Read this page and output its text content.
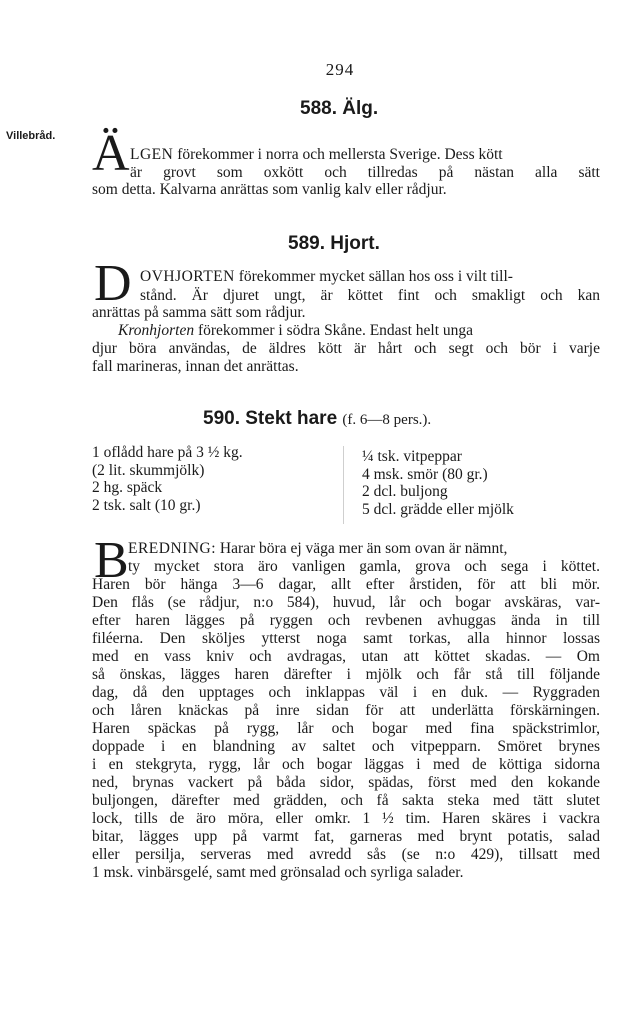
294
588. Älg.
Villebråd. Ä LGEN förekommer i norra och mellersta Sverige. Dess kött
är grovt som oxkött och tillredas på nästan alla sätt
som detta. Kalvarna anrättas som vanlig kalv eller rådjur.
589. Hjort.
D OVHJORTEN förekommer mycket sällan hos oss i vilt till-
stånd. Är djuret ungt, är köttet fint och smakligt och kan
anrättas på samma sätt som rådjur.
Kronhjorten förekommer i södra Skåne. Endast helt unga
djur böra användas, de äldres kött är hårt och segt och bör i varje
fall marineras, innan det anrättas.
590. Stekt hare (f. 6—8 pers.).
1 oflådd hare på 3 ½ kg.
(2 lit. skummjölk)
2 hg. späck
2 tsk. salt (10 gr.)
¼ tsk. vitpeppar
4 msk. smör (80 gr.)
2 dcl. buljong
5 dcl. grädde eller mjölk
B EREDNING: Harar böra ej väga mer än som ovan är nämnt,
ty mycket stora äro vanligen gamla, grova och sega i köttet.
Haren bör hänga 3—6 dagar, allt efter årstiden, för att bli mör.
Den flås (se rådjur, n:o 584), huvud, lår och bogar avskäras, var-
efter haren lägges på ryggen och revbenen avhuggas ända in till
filéerna. Den sköljes ytterst noga samt torkas, alla hinnor lossas
med en vass kniv och avdragas, utan att köttet skadas. — Om
så önskas, lägges haren därefter i mjölk och får stå till följande
dag, då den upptages och inklappas väl i en duk. — Ryggraden
och låren knäckas på inre sidan för att underlätta förskärningen.
Haren späckas på rygg, lår och bogar med fina späckstrimlor,
doppade i en blandning av saltet och vitpepparn. Smöret brynes
i en stekgryta, rygg, lår och bogar läggas i med de köttiga sidorna
ned, brynas vackert på båda sidor, spädas, först med den kokande
buljongen, därefter med grädden, och få sakta steka med tätt slutet
lock, tills de äro möra, eller omkr. 1 ½ tim. Haren skäres i vackra
bitar, lägges upp på varmt fat, garneras med brynt potatis, salad
eller persilja, serveras med avredd sås (se n:o 429), tillsatt med
1 msk. vinbärsgelé, samt med grönsalad och syrliga salader.
